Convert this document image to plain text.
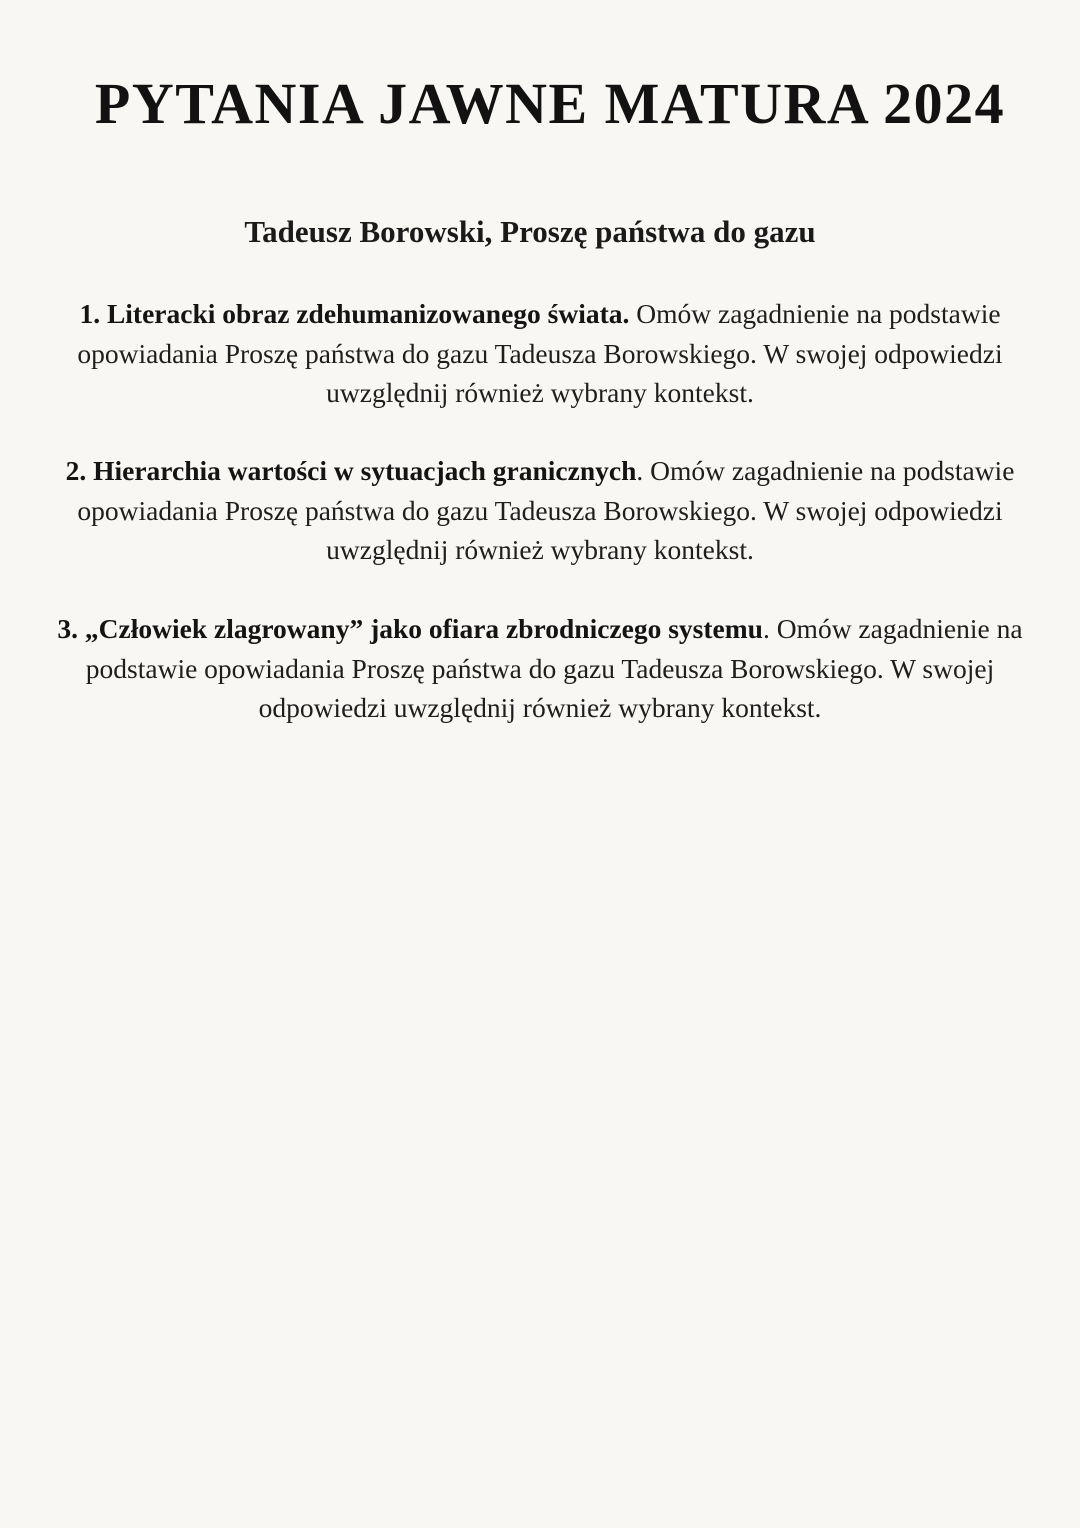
PYTANIA JAWNE MATURA 2024
Tadeusz Borowski, Proszę państwa do gazu

1. Literacki obraz zdehumanizowanego świata. Omów zagadnienie na podstawie opowiadania Proszę państwa do gazu Tadeusza Borowskiego. W swojej odpowiedzi uwzględnij również wybrany kontekst.

2. Hierarchia wartości w sytuacjach granicznych. Omów zagadnienie na podstawie opowiadania Proszę państwa do gazu Tadeusza Borowskiego. W swojej odpowiedzi uwzględnij również wybrany kontekst.

3. „Człowiek zlagrowany” jako ofiara zbrodniczego systemu. Omów zagadnienie na podstawie opowiadania Proszę państwa do gazu Tadeusza Borowskiego. W swojej odpowiedzi uwzględnij również wybrany kontekst.
